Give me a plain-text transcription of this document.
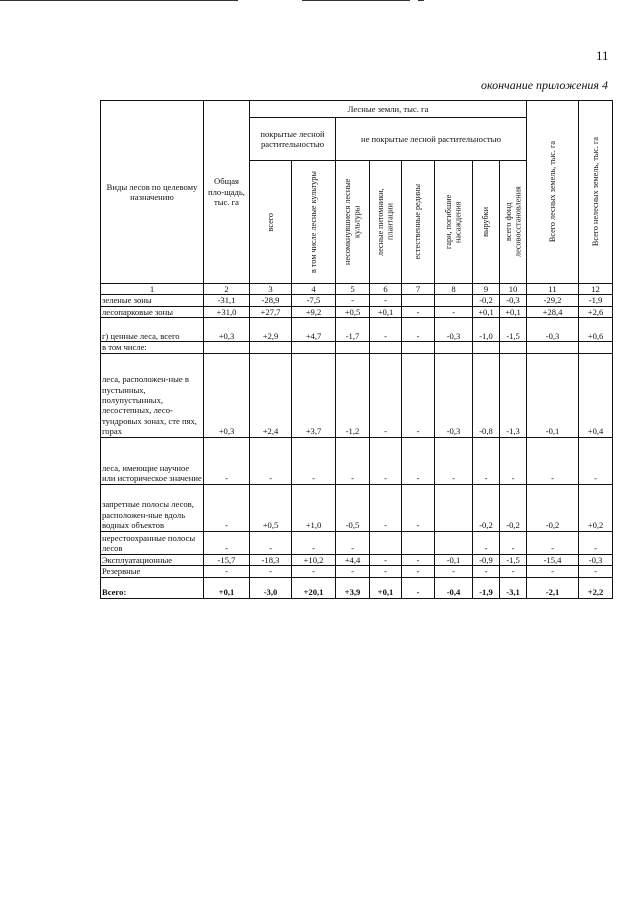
11
окончание приложения 4
Виды лесов по целевому назначению	Общая пло-щадь, тыс. га	Лесные земли, тыс. га								Всего лесных земель, тыс. га	Всего нелесных земель, тыс. га

		покрытые лесной растительностью		не покрытые лесной растительностью							

		всего	в том числе лесные культуры	несомкнувшиеся лесные культуры	лесные питомники, плантации	естественные редины	гари, погибшие насаждения	вырубки	всего фонд лесовосстановления		

1	2	3	4	5	6	7	8	9	10	11	12
зеленые зоны	-31,1	-28,9	-7,5	-	-			-0,2	-0,3	-29,2	-1,9
лесопарковые зоны	+31,0	+27,7	+9,2	+0,5	+0,1	-	-	+0,1	+0,1	+28,4	+2,6
г) ценные леса, всего	+0,3	+2,9	+4,7	-1,7	-	-	-0,3	-1,0	-1,5	-0,3	+0,6
в том числе:											
леса, расположен-ные в пустынных, полупустынных, лесостепных, лесо-тундровых зонах, сте пях, горах	+0,3	+2,4	+3,7	-1,2	-	-	-0,3	-0,8	-1,3	-0,1	+0,4
леса, имеющие научное или историческое значение	-	-	-	-	-	-	-	-	-	-	-
запретные полосы лесов, расположен-ные вдоль водных объектов	-	+0,5	+1,0	-0,5	-	-		-0,2	-0,2	-0,2	+0,2
нерестоохранные полосы лесов	-	-	-	-				-	-	-	-
Эксплуатационные	-15,7	-18,3	+10,2	+4,4	-	-	-0,1	-0,9	-1,5	-15,4	-0,3
Резервные	-	-	-	-	-	-	-	-	-	-	-
Всего:	+0,1	-3,0	+20,1	+3,9	+0,1	-	-0,4	-1,9	-3,1	-2,1	+2,2
